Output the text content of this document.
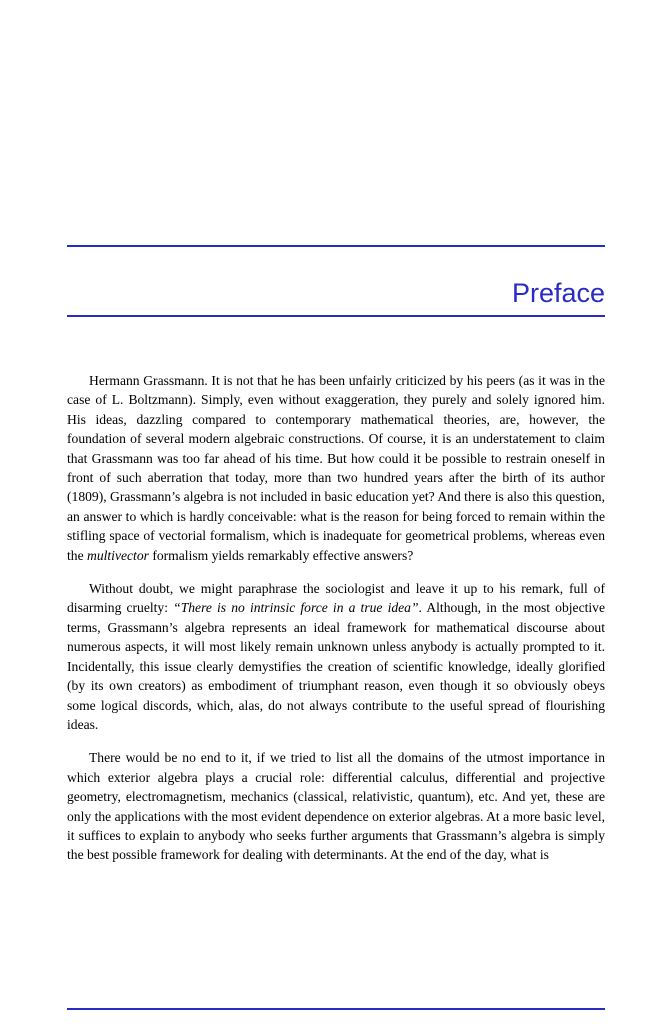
Preface

Hermann Grassmann. It is not that he has been unfairly criticized by his peers (as it was in the case of L. Boltzmann). Simply, even without exaggeration, they purely and solely ignored him. His ideas, dazzling compared to contemporary mathematical theories, are, however, the foundation of several modern algebraic constructions. Of course, it is an understatement to claim that Grassmann was too far ahead of his time. But how could it be possible to restrain oneself in front of such aberration that today, more than two hundred years after the birth of its author (1809), Grassmann’s algebra is not included in basic education yet? And there is also this question, an answer to which is hardly conceivable: what is the reason for being forced to remain within the stifling space of vectorial formalism, which is inadequate for geometrical problems, whereas even the multivector formalism yields remarkably effective answers?

Without doubt, we might paraphrase the sociologist and leave it up to his remark, full of disarming cruelty: “There is no intrinsic force in a true idea”. Although, in the most objective terms, Grassmann’s algebra represents an ideal framework for mathematical discourse about numerous aspects, it will most likely remain unknown unless anybody is actually prompted to it. Incidentally, this issue clearly demystifies the creation of scientific knowledge, ideally glorified (by its own creators) as embodiment of triumphant reason, even though it so obviously obeys some logical discords, which, alas, do not always contribute to the useful spread of flourishing ideas.

There would be no end to it, if we tried to list all the domains of the utmost importance in which exterior algebra plays a crucial role: differential calculus, differential and projective geometry, electromagnetism, mechanics (classical, relativistic, quantum), etc. And yet, these are only the applications with the most evident dependence on exterior algebras. At a more basic level, it suffices to explain to anybody who seeks further arguments that Grassmann’s algebra is simply the best possible framework for dealing with determinants. At the end of the day, what is
